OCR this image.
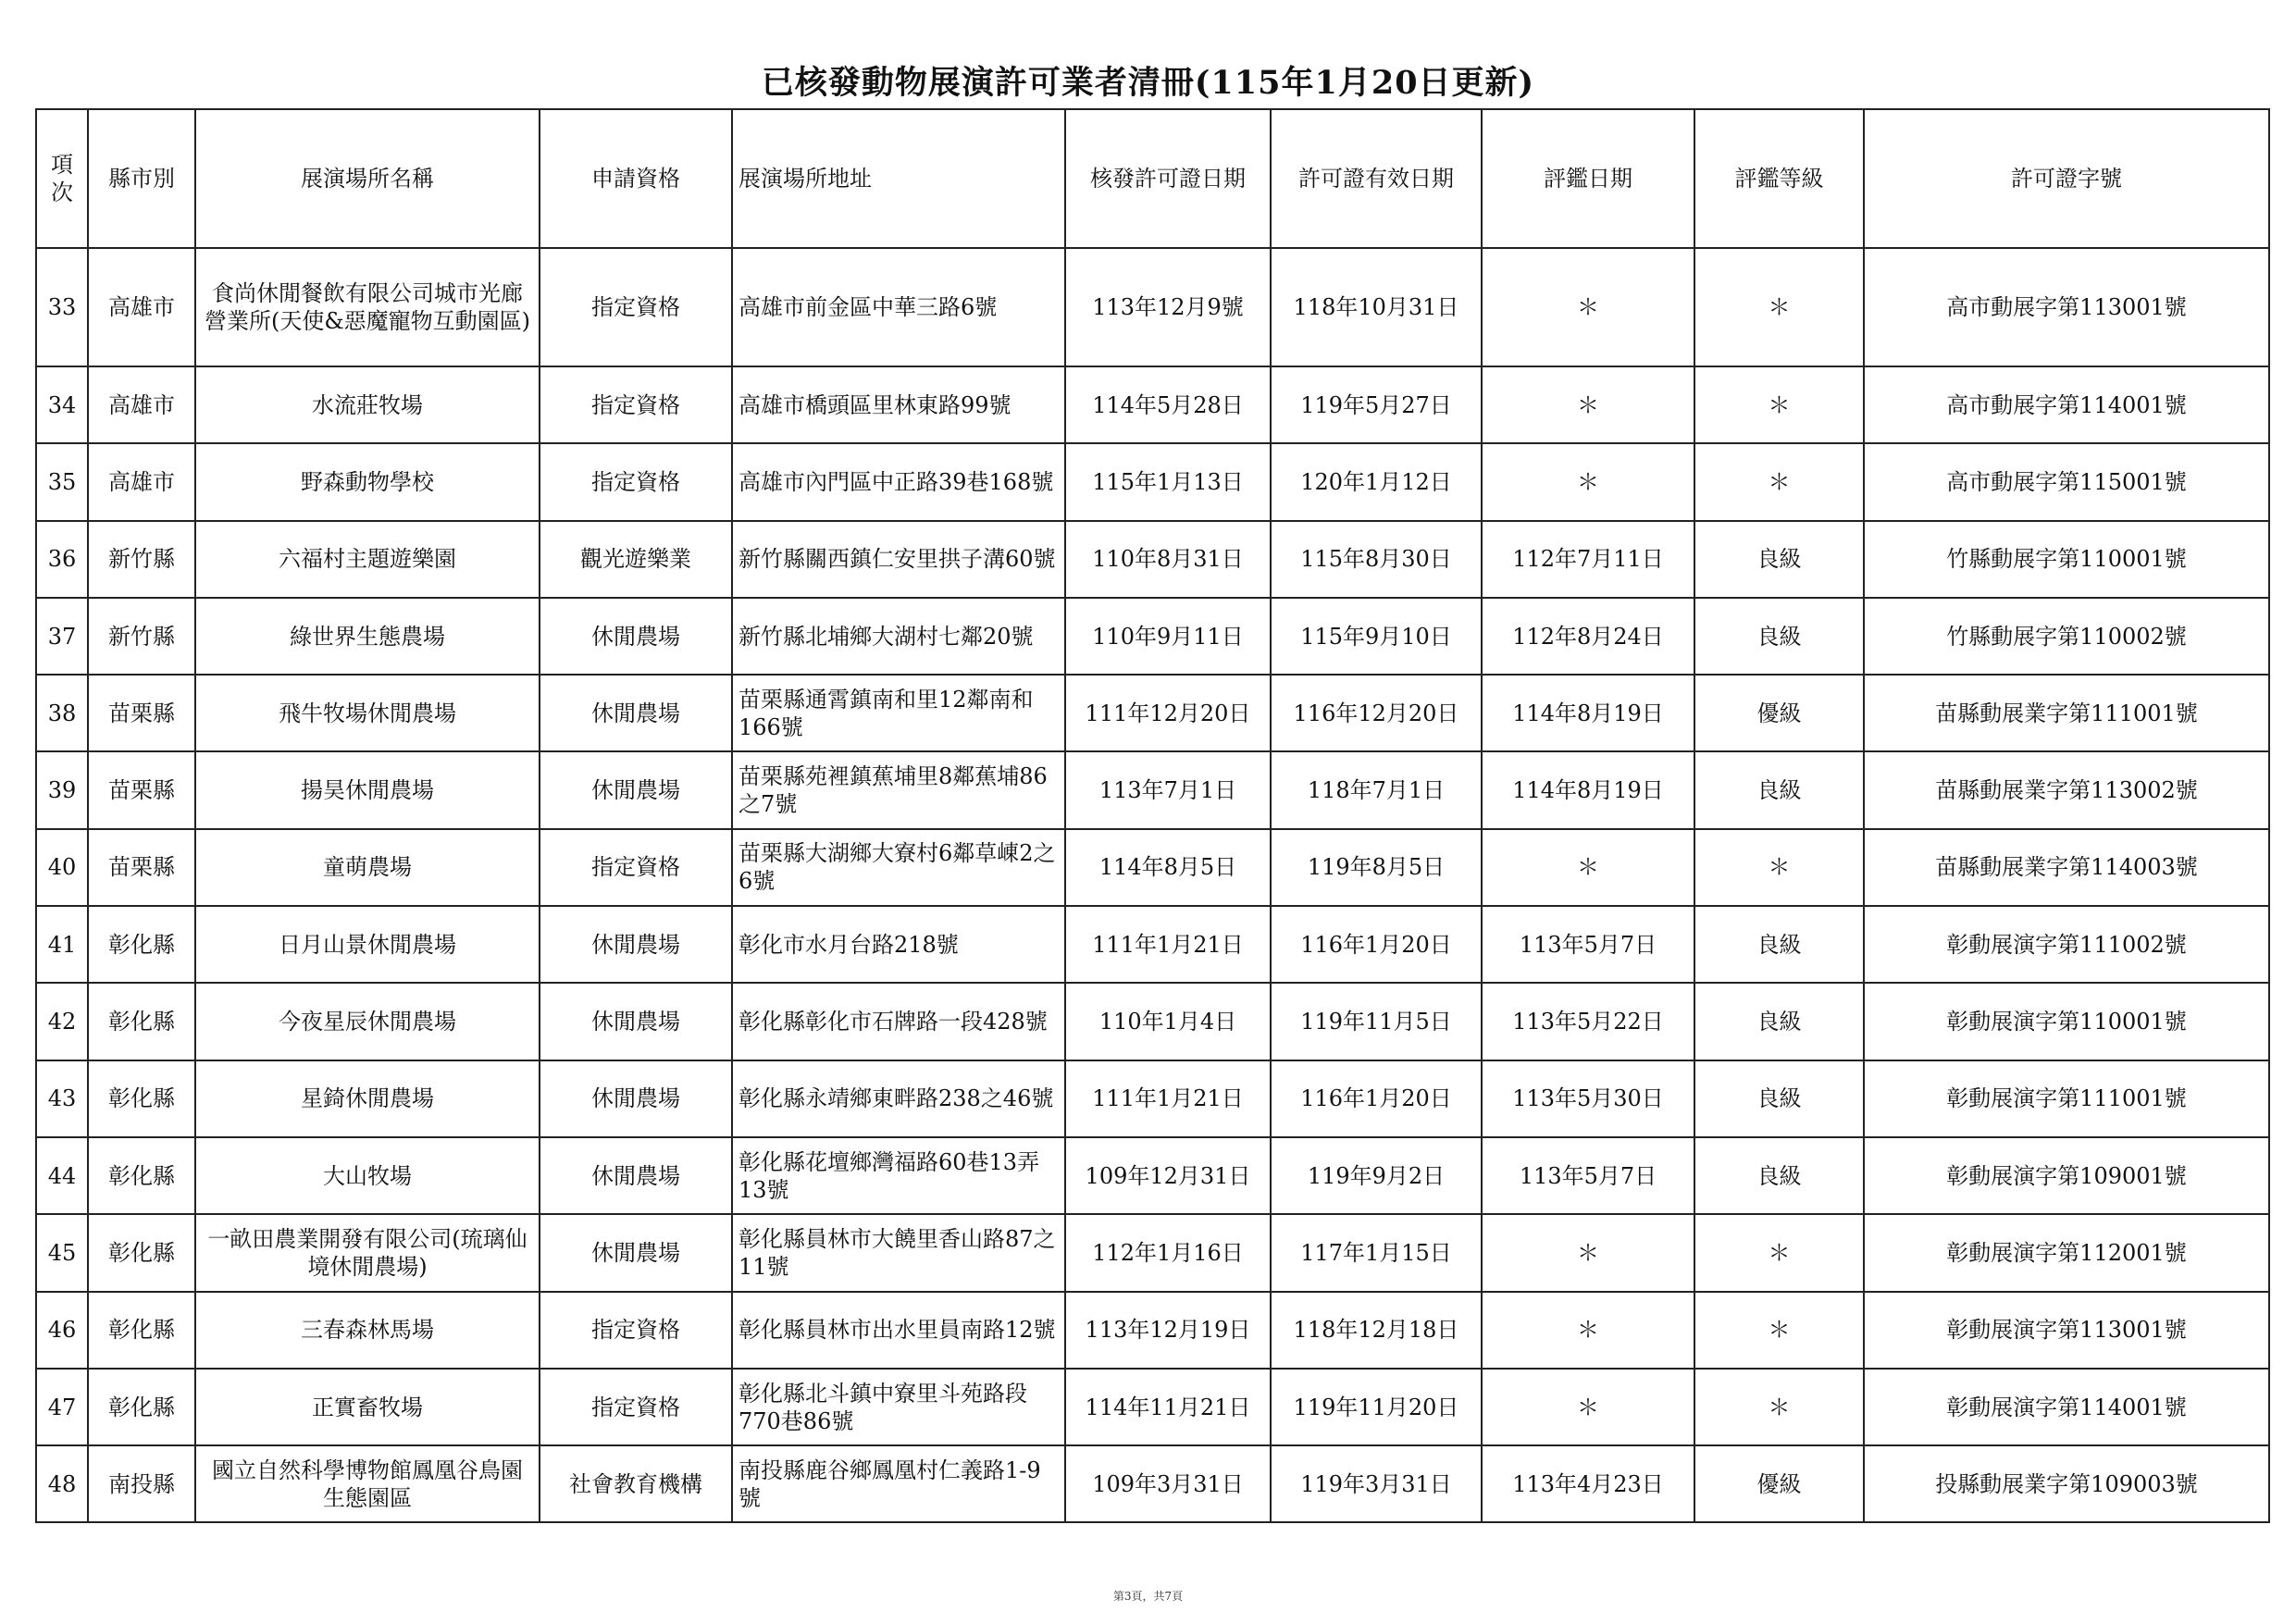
已核發動物展演許可業者清冊(115年1月20日更新)
項次	縣市別	展演場所名稱	申請資格	展演場所地址	核發許可證日期	許可證有效日期	評鑑日期	評鑑等級	許可證字號
33	高雄市	食尚休閒餐飲有限公司城市光廊營業所(天使&惡魔寵物互動園區)	指定資格	高雄市前金區中華三路6號	113年12月9號	118年10月31日	＊	＊	高市動展字第113001號
34	高雄市	水流莊牧場	指定資格	高雄市橋頭區里林東路99號	114年5月28日	119年5月27日	＊	＊	高市動展字第114001號
35	高雄市	野森動物學校	指定資格	高雄市內門區中正路39巷168號	115年1月13日	120年1月12日	＊	＊	高市動展字第115001號
36	新竹縣	六福村主題遊樂園	觀光遊樂業	新竹縣關西鎮仁安里拱子溝60號	110年8月31日	115年8月30日	112年7月11日	良級	竹縣動展字第110001號
37	新竹縣	綠世界生態農場	休閒農場	新竹縣北埔鄉大湖村七鄰20號	110年9月11日	115年9月10日	112年8月24日	良級	竹縣動展字第110002號
38	苗栗縣	飛牛牧場休閒農場	休閒農場	苗栗縣通霄鎮南和里12鄰南和166號	111年12月20日	116年12月20日	114年8月19日	優級	苗縣動展業字第111001號
39	苗栗縣	揚昊休閒農場	休閒農場	苗栗縣苑裡鎮蕉埔里8鄰蕉埔86之7號	113年7月1日	118年7月1日	114年8月19日	良級	苗縣動展業字第113002號
40	苗栗縣	童萌農場	指定資格	苗栗縣大湖鄉大寮村6鄰草崠2之6號	114年8月5日	119年8月5日	＊	＊	苗縣動展業字第114003號
41	彰化縣	日月山景休閒農場	休閒農場	彰化市水月台路218號	111年1月21日	116年1月20日	113年5月7日	良級	彰動展演字第111002號
42	彰化縣	今夜星辰休閒農場	休閒農場	彰化縣彰化市石牌路一段428號	110年1月4日	119年11月5日	113年5月22日	良級	彰動展演字第110001號
43	彰化縣	星錡休閒農場	休閒農場	彰化縣永靖鄉東畔路238之46號	111年1月21日	116年1月20日	113年5月30日	良級	彰動展演字第111001號
44	彰化縣	大山牧場	休閒農場	彰化縣花壇鄉灣福路60巷13弄13號	109年12月31日	119年9月2日	113年5月7日	良級	彰動展演字第109001號
45	彰化縣	一畝田農業開發有限公司(琉璃仙境休閒農場)	休閒農場	彰化縣員林市大饒里香山路87之11號	112年1月16日	117年1月15日	＊	＊	彰動展演字第112001號
46	彰化縣	三春森林馬場	指定資格	彰化縣員林市出水里員南路12號	113年12月19日	118年12月18日	＊	＊	彰動展演字第113001號
47	彰化縣	正實畜牧場	指定資格	彰化縣北斗鎮中寮里斗苑路段770巷86號	114年11月21日	119年11月20日	＊	＊	彰動展演字第114001號
48	南投縣	國立自然科學博物館鳳凰谷鳥園生態園區	社會教育機構	南投縣鹿谷鄉鳳凰村仁義路1-9號	109年3月31日	119年3月31日	113年4月23日	優級	投縣動展業字第109003號
第3頁，共7頁
